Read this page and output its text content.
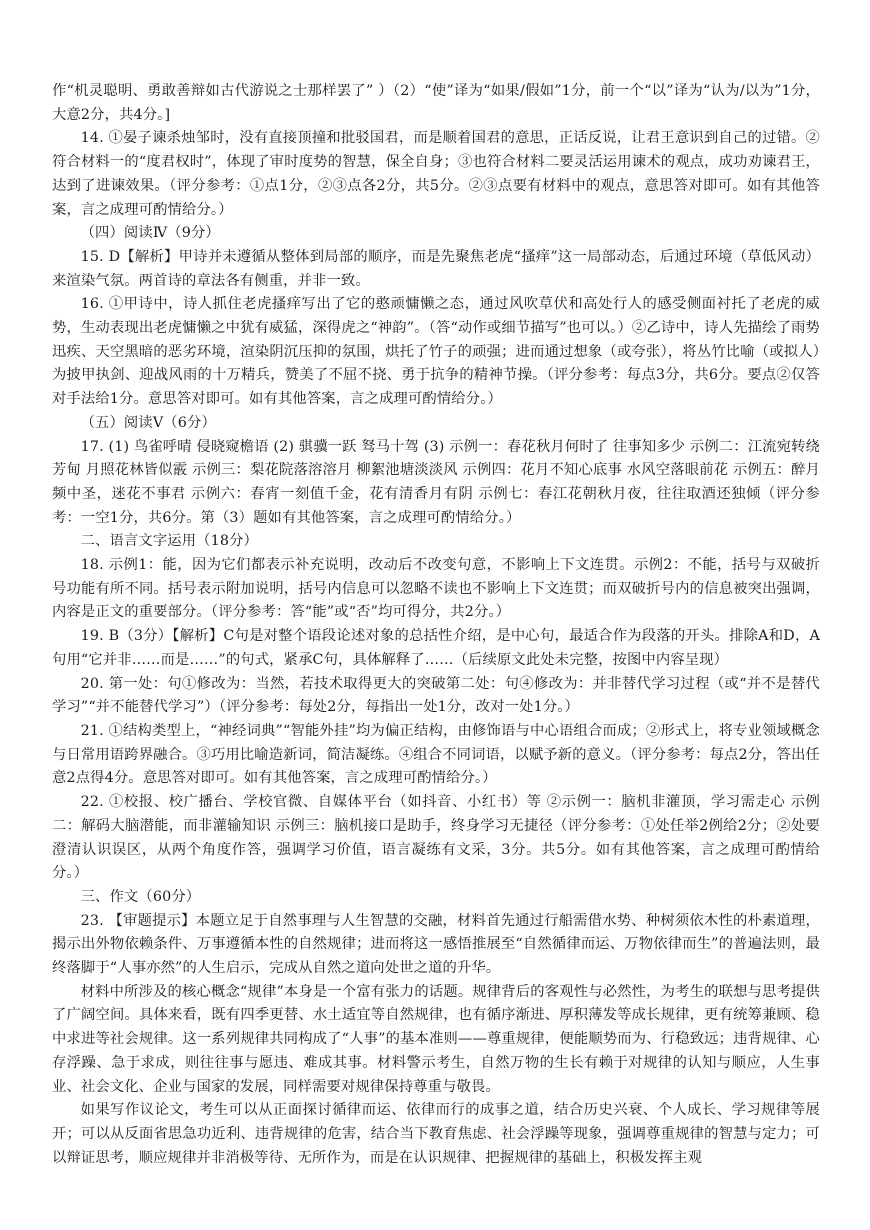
作“机灵聪明、勇敢善辩如古代游说之士那样罢了” ）（2）“使”译为“如果/假如”1分，前一个“以”译为“认为/以为”1分，大意2分，共4分。]

14. ①晏子谏杀烛邹时，没有直接顶撞和批驳国君，而是顺着国君的意思，正话反说，让君王意识到自己的过错。②符合材料一的“度君权时”，体现了审时度势的智慧，保全自身；③也符合材料二要灵活运用谏术的观点，成功劝谏君王，达到了进谏效果。（评分参考：①点1分，②③点各2分，共5分。②③点要有材料中的观点，意思答对即可。如有其他答案，言之成理可酌情给分。）

（四）阅读Ⅳ（9分）

15. D【解析】甲诗并未遵循从整体到局部的顺序，而是先聚焦老虎“搔痒”这一局部动态，后通过环境（草低风动）来渲染气氛。两首诗的章法各有侧重，并非一致。

16. ①甲诗中，诗人抓住老虎搔痒写出了它的憨顽慵懒之态，通过风吹草伏和高处行人的感受侧面衬托了老虎的威势，生动表现出老虎慵懒之中犹有威猛，深得虎之“神韵”。（答“动作或细节描写”也可以。）②乙诗中，诗人先描绘了雨势迅疾、天空黑暗的恶劣环境，渲染阴沉压抑的氛围，烘托了竹子的顽强；进而通过想象（或夸张），将丛竹比喻（或拟人）为披甲执剑、迎战风雨的十万精兵，赞美了不屈不挠、勇于抗争的精神节操。（评分参考：每点3分，共6分。要点②仅答对手法给1分。意思答对即可。如有其他答案，言之成理可酌情给分。）

（五）阅读Ⅴ（6分）

17. (1) 鸟雀呼晴 侵晓窥檐语 (2) 骐骥一跃 驽马十驾 (3) 示例一：春花秋月何时了 往事知多少 示例二：江流宛转绕芳甸 月照花林皆似霰 示例三：梨花院落溶溶月 柳絮池塘淡淡风 示例四：花月不知心底事 水风空落眼前花 示例五：醉月频中圣，迷花不事君 示例六：春宵一刻值千金，花有清香月有阴 示例七：春江花朝秋月夜，往往取酒还独倾（评分参考：一空1分，共6分。第（3）题如有其他答案，言之成理可酌情给分。）

二、语言文字运用（18分）

18. 示例1：能，因为它们都表示补充说明，改动后不改变句意，不影响上下文连贯。示例2：不能，括号与双破折号功能有所不同。括号表示附加说明，括号内信息可以忽略不读也不影响上下文连贯；而双破折号内的信息被突出强调，内容是正文的重要部分。（评分参考：答“能”或“否”均可得分，共2分。）

19. B（3分）【解析】C句是对整个语段论述对象的总括性介绍，是中心句，最适合作为段落的开头。排除A和D，A句用“它并非……而是……”的句式，紧承C句，具体解释了……（后续原文此处未完整，按图中内容呈现）

20. 第一处：句①修改为：当然，若技术取得更大的突破第二处：句④修改为：并非替代学习过程（或“并不是替代学习”“并不能替代学习”）（评分参考：每处2分，每指出一处1分，改对一处1分。）

21. ①结构类型上，“神经词典”“智能外挂”均为偏正结构，由修饰语与中心语组合而成；②形式上，将专业领域概念与日常用语跨界融合。③巧用比喻造新词，简洁凝练。④组合不同词语，以赋予新的意义。（评分参考：每点2分，答出任意2点得4分。意思答对即可。如有其他答案，言之成理可酌情给分。）

22. ①校报、校广播台、学校官微、自媒体平台（如抖音、小红书）等 ②示例一：脑机非灌顶，学习需走心 示例二：解码大脑潜能，而非灌输知识 示例三：脑机接口是助手，终身学习无捷径（评分参考：①处任举2例给2分；②处要澄清认识误区，从两个角度作答，强调学习价值，语言凝练有文采，3分。共5分。如有其他答案，言之成理可酌情给分。）

三、作文（60分）

23. 【审题提示】本题立足于自然事理与人生智慧的交融，材料首先通过行船需借水势、种树须依木性的朴素道理，揭示出外物依赖条件、万事遵循本性的自然规律；进而将这一感悟推展至“自然循律而运、万物依律而生”的普遍法则，最终落脚于“人事亦然”的人生启示，完成从自然之道向处世之道的升华。

材料中所涉及的核心概念“规律”本身是一个富有张力的话题。规律背后的客观性与必然性，为考生的联想与思考提供了广阔空间。具体来看，既有四季更替、水土适宜等自然规律，也有循序渐进、厚积薄发等成长规律，更有统筹兼顾、稳中求进等社会规律。这一系列规律共同构成了“人事”的基本准则——尊重规律，便能顺势而为、行稳致远；违背规律、心存浮躁、急于求成，则往往事与愿违、难成其事。材料警示考生，自然万物的生长有赖于对规律的认知与顺应，人生事业、社会文化、企业与国家的发展，同样需要对规律保持尊重与敬畏。

如果写作议论文，考生可以从正面探讨循律而运、依律而行的成事之道，结合历史兴衰、个人成长、学习规律等展开；可以从反面省思急功近利、违背规律的危害，结合当下教育焦虑、社会浮躁等现象，强调尊重规律的智慧与定力；可以辩证思考，顺应规律并非消极等待、无所作为，而是在认识规律、把握规律的基础上，积极发挥主观
